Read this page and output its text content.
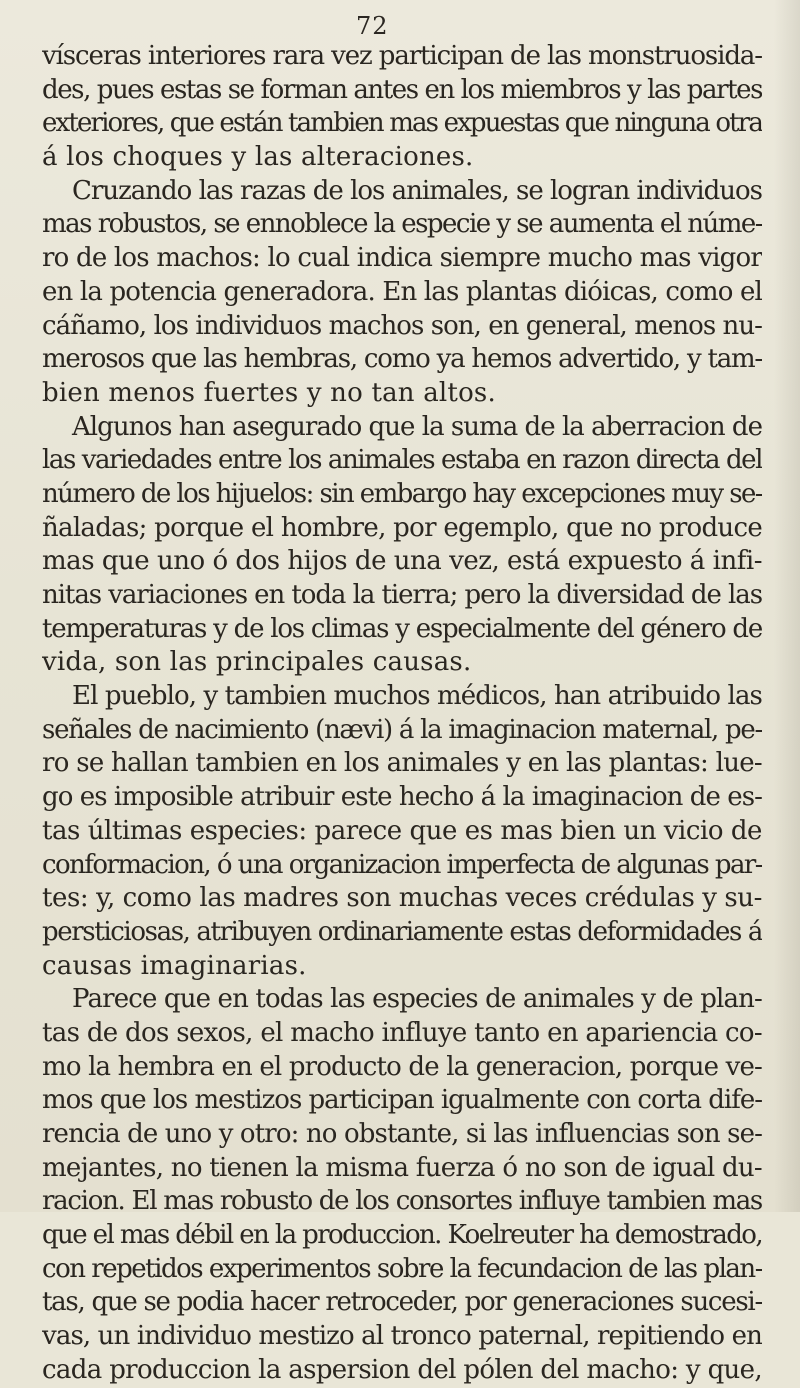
72
vísceras interiores rara vez participan de las monstruosida-
des, pues estas se forman antes en los miembros y las partes
exteriores, que están tambien mas expuestas que ninguna otra
á los choques y las alteraciones.
Cruzando las razas de los animales, se logran individuos
mas robustos, se ennoblece la especie y se aumenta el núme-
ro de los machos: lo cual indica siempre mucho mas vigor
en la potencia generadora. En las plantas dióicas, como el
cáñamo, los individuos machos son, en general, menos nu-
merosos que las hembras, como ya hemos advertido, y tam-
bien menos fuertes y no tan altos.
Algunos han asegurado que la suma de la aberracion de
las variedades entre los animales estaba en razon directa del
número de los hijuelos: sin embargo hay excepciones muy se-
ñaladas; porque el hombre, por egemplo, que no produce
mas que uno ó dos hijos de una vez, está expuesto á infi-
nitas variaciones en toda la tierra; pero la diversidad de las
temperaturas y de los climas y especialmente del género de
vida, son las principales causas.
El pueblo, y tambien muchos médicos, han atribuido las
señales de nacimiento (nævi) á la imaginacion maternal, pe-
ro se hallan tambien en los animales y en las plantas: lue-
go es imposible atribuir este hecho á la imaginacion de es-
tas últimas especies: parece que es mas bien un vicio de
conformacion, ó una organizacion imperfecta de algunas par-
tes: y, como las madres son muchas veces crédulas y su-
persticiosas, atribuyen ordinariamente estas deformidades á
causas imaginarias.
Parece que en todas las especies de animales y de plan-
tas de dos sexos, el macho influye tanto en apariencia co-
mo la hembra en el producto de la generacion, porque ve-
mos que los mestizos participan igualmente con corta dife-
rencia de uno y otro: no obstante, si las influencias son se-
mejantes, no tienen la misma fuerza ó no son de igual du-
racion. El mas robusto de los consortes influye tambien mas
que el mas débil en la produccion. Koelreuter ha demostrado,
con repetidos experimentos sobre la fecundacion de las plan-
tas, que se podia hacer retroceder, por generaciones sucesi-
vas, un individuo mestizo al tronco paternal, repitiendo en
cada produccion la aspersion del pólen del macho: y que,
